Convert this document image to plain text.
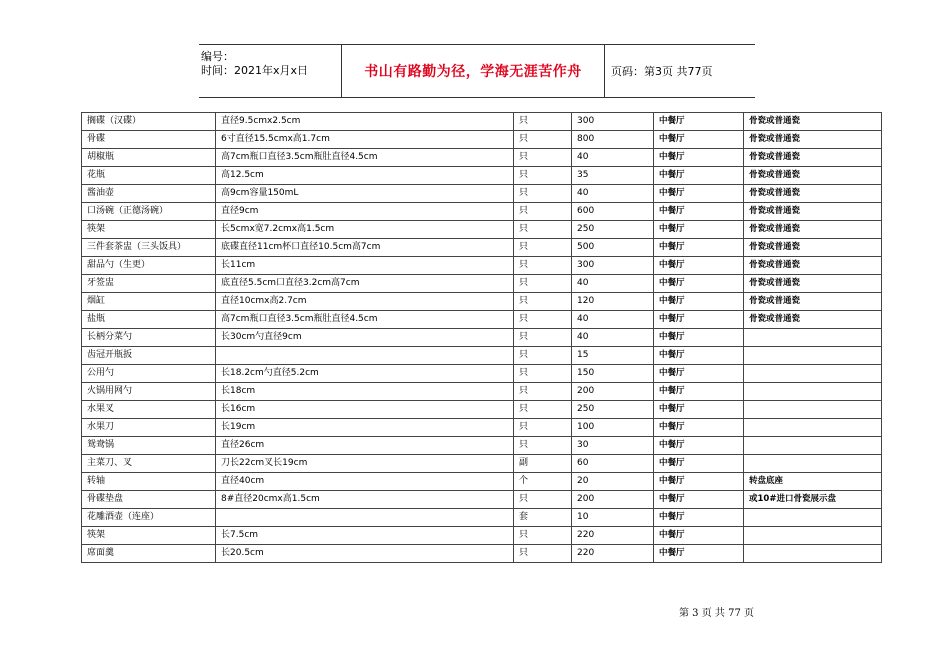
编号：
时间：2021年x月x日	书山有路勤为径，学海无涯苦作舟	页码：第3页 共77页
搁碟（汉碟）	直径9.5cmx2.5cm	只	300	中餐厅	骨瓷或普通瓷
骨碟	6寸直径15.5cmx高1.7cm	只	800	中餐厅	骨瓷或普通瓷
胡椒瓶	高7cm瓶口直径3.5cm瓶肚直径4.5cm	只	40	中餐厅	骨瓷或普通瓷
花瓶	高12.5cm	只	35	中餐厅	骨瓷或普通瓷
酱油壶	高9cm容量150mL	只	40	中餐厅	骨瓷或普通瓷
口汤碗（正德汤碗）	直径9cm	只	600	中餐厅	骨瓷或普通瓷
筷架	长5cmx宽7.2cmx高1.5cm	只	250	中餐厅	骨瓷或普通瓷
三件套茶盅（三头饭具）	底碟直径11cm杯口直径10.5cm高7cm	只	500	中餐厅	骨瓷或普通瓷
甜品勺（生更）	长11cm	只	300	中餐厅	骨瓷或普通瓷
牙签盅	底直径5.5cm口直径3.2cm高7cm	只	40	中餐厅	骨瓷或普通瓷
烟缸	直径10cmx高2.7cm	只	120	中餐厅	骨瓷或普通瓷
盐瓶	高7cm瓶口直径3.5cm瓶肚直径4.5cm	只	40	中餐厅	骨瓷或普通瓷
长柄分菜勺	长30cm勺直径9cm	只	40	中餐厅	
齿冠开瓶扳		只	15	中餐厅	
公用勺	长18.2cm勺直径5.2cm	只	150	中餐厅	
火锅用网勺	长18cm	只	200	中餐厅	
水果叉	长16cm	只	250	中餐厅	
水果刀	长19cm	只	100	中餐厅	
鸳鸯锅	直径26cm	只	30	中餐厅	
主菜刀、叉	刀长22cm叉长19cm	副	60	中餐厅	
转轴	直径40cm	个	20	中餐厅	转盘底座
骨碟垫盘	8#直径20cmx高1.5cm	只	200	中餐厅	或10#进口骨瓷展示盘
花雕酒壶（连座）		套	10	中餐厅	
筷架	长7.5cm	只	220	中餐厅	
席面羹	长20.5cm	只	220	中餐厅	
第 3 页 共 77 页
